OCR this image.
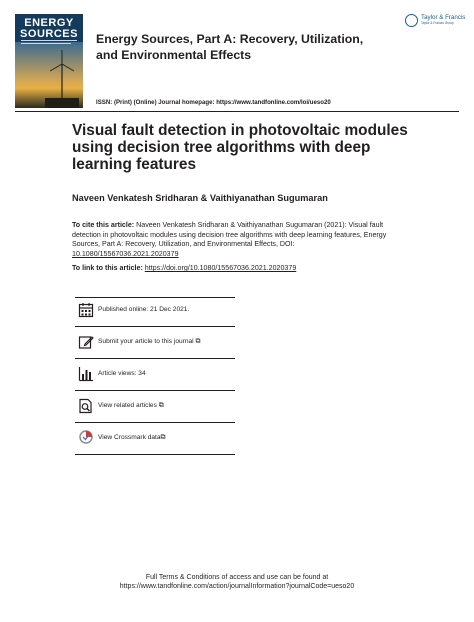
ENERGY
SOURCES	Energy Sources, Part A: Recovery, Utilization, and Environmental Effects
ISSN: (Print) (Online) Journal homepage: https://www.tandfonline.com/loi/ueso20
Taylor & Francis
Taylor & Francis Group
Visual fault detection in photovoltaic modules using decision tree algorithms with deep learning features
Naveen Venkatesh Sridharan & Vaithiyanathan Sugumaran
To cite this article: Naveen Venkatesh Sridharan & Vaithiyanathan Sugumaran (2021): Visual fault detection in photovoltaic modules using decision tree algorithms with deep learning features, Energy Sources, Part A: Recovery, Utilization, and Environmental Effects, DOI:
10.1080/15567036.2021.2020379
To link to this article: https://doi.org/10.1080/15567036.2021.2020379
Published online: 21 Dec 2021.
Submit your article to this journal ⧉
Article views: 34
View related articles ⧉
View Crossmark data⧉
Full Terms & Conditions of access and use can be found at
https://www.tandfonline.com/action/journalInformation?journalCode=ueso20
